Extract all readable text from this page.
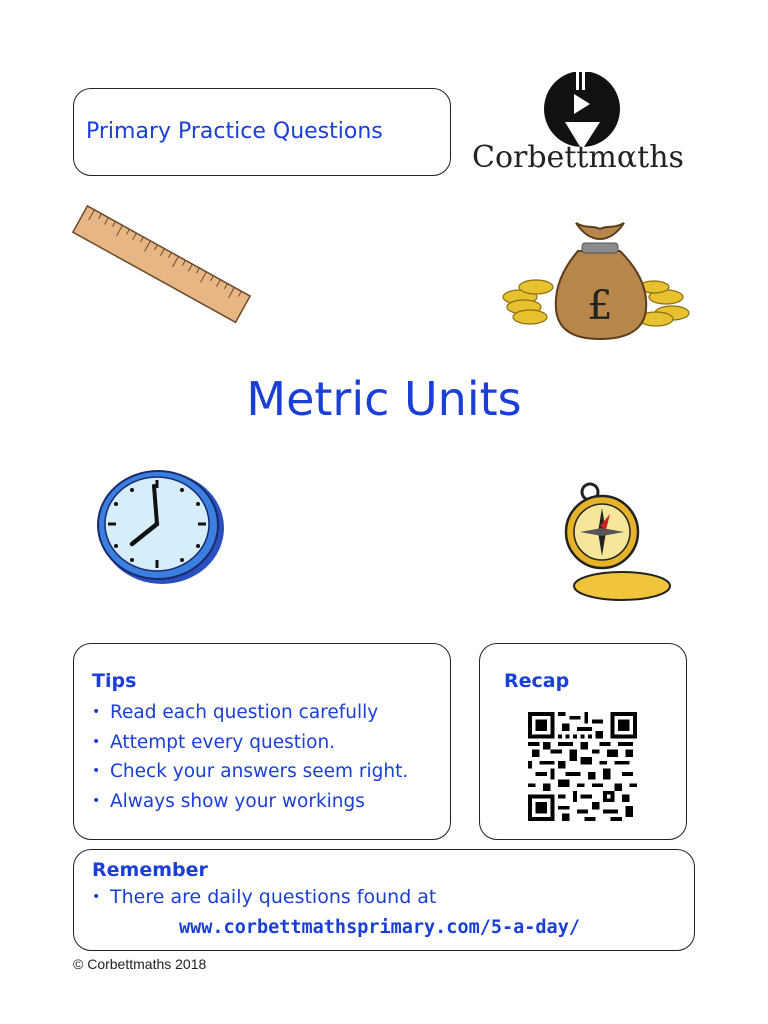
Primary Practice Questions
Corbettmαths
£
Metric Units
Tips
• Read each question carefully
• Attempt every question.
• Check your answers seem right.
• Always show your workings
Recap
Remember
• There are daily questions found at
www.corbettmathsprimary.com/5-a-day/
© Corbettmaths 2018
